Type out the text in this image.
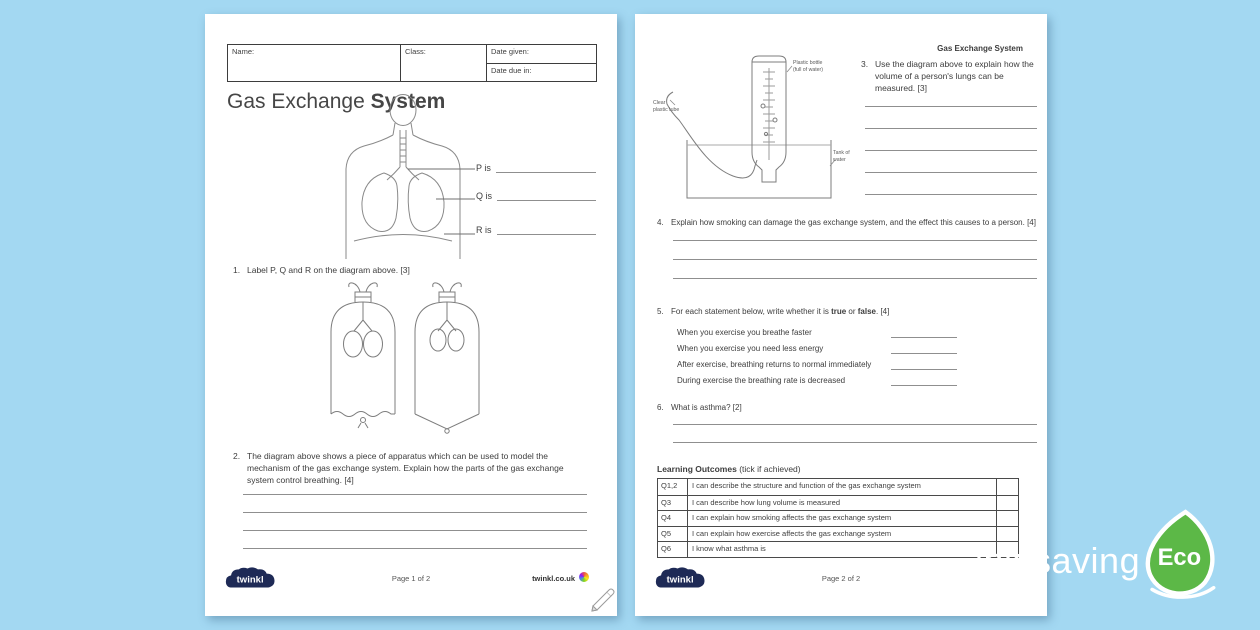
Name:	Class:	Date given:
Date due in:
Gas Exchange System
P is
Q is
R is
1. Label P, Q and R on the diagram above. [3]
2. The diagram above shows a piece of apparatus which can be used to model the mechanism of the gas exchange system. Explain how the parts of the gas exchange system control breathing. [4]
twinkl	Page 1 of 2	twinkl.co.uk
Gas Exchange System
Plastic bottle
(full of water)
Clear
plastic tube
Tank of
water
3. Use the diagram above to explain how the volume of a person's lungs can be measured. [3]
4. Explain how smoking can damage the gas exchange system, and the effect this causes to a person. [4]
5. For each statement below, write whether it is true or false. [4]
When you exercise you breathe faster
When you exercise you need less energy
After exercise, breathing returns to normal immediately
During exercise the breathing rate is decreased
6. What is asthma? [2]
Learning Outcomes (tick if achieved)
Q1,2	I can describe the structure and function of the gas exchange system
Q3	I can describe how lung volume is measured
Q4	I can explain how smoking affects the gas exchange system
Q5	I can explain how exercise affects the gas exchange system
Q6	I know what asthma is
twinkl	Page 2 of 2	ink saving Eco
